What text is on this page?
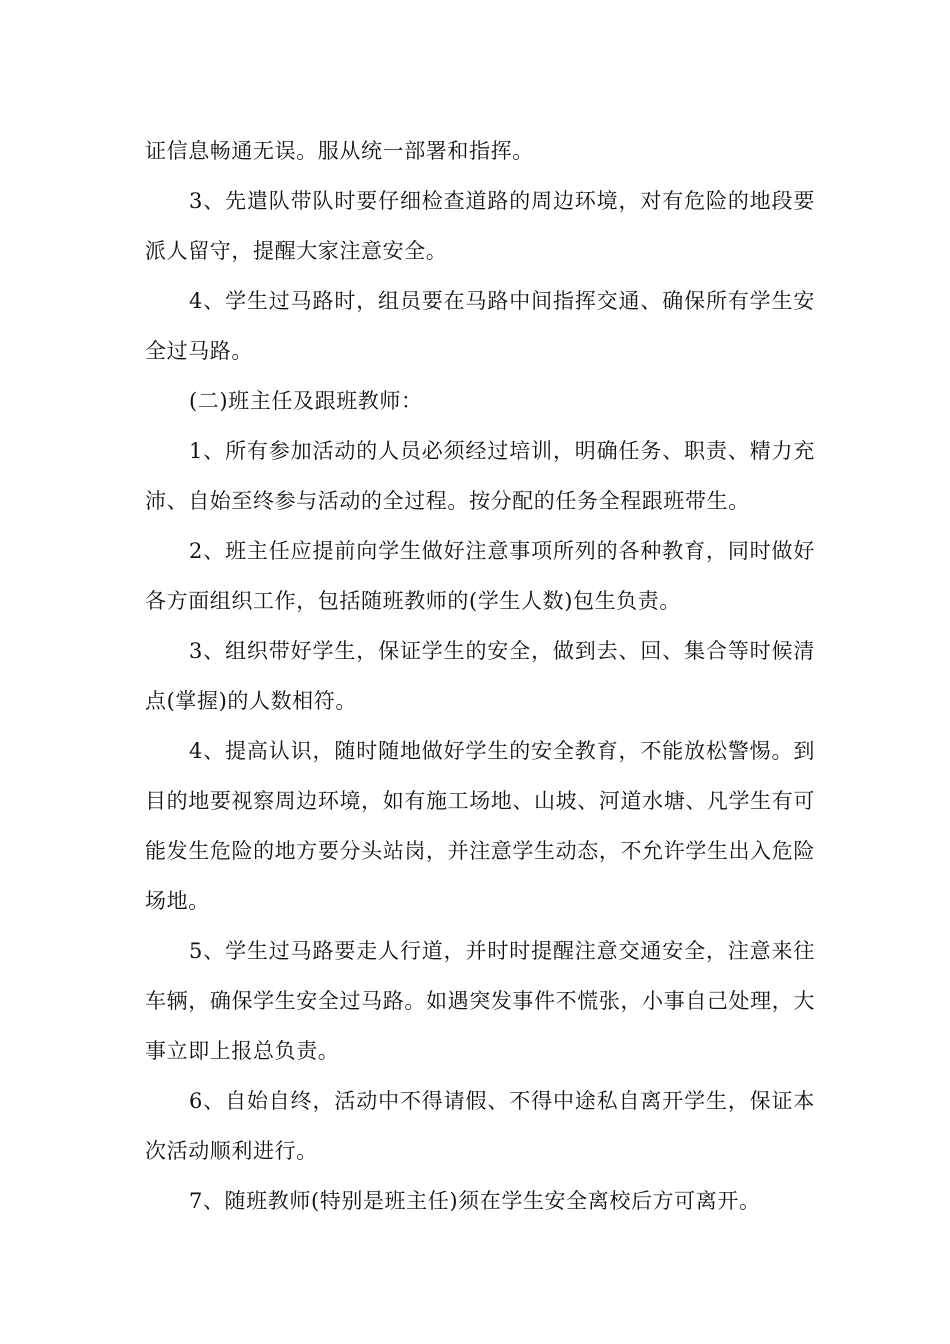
证信息畅通无误。服从统一部署和指挥。

3、先遣队带队时要仔细检查道路的周边环境，对有危险的地段要派人留守，提醒大家注意安全。

4、学生过马路时，组员要在马路中间指挥交通、确保所有学生安全过马路。

(二)班主任及跟班教师：

1、所有参加活动的人员必须经过培训，明确任务、职责、精力充沛、自始至终参与活动的全过程。按分配的任务全程跟班带生。

2、班主任应提前向学生做好注意事项所列的各种教育，同时做好各方面组织工作，包括随班教师的(学生人数)包生负责。

3、组织带好学生，保证学生的安全，做到去、回、集合等时候清点(掌握)的人数相符。

4、提高认识，随时随地做好学生的安全教育，不能放松警惕。到目的地要视察周边环境，如有施工场地、山坡、河道水塘、凡学生有可能发生危险的地方要分头站岗，并注意学生动态，不允许学生出入危险场地。

5、学生过马路要走人行道，并时时提醒注意交通安全，注意来往车辆，确保学生安全过马路。如遇突发事件不慌张，小事自己处理，大事立即上报总负责。

6、自始自终，活动中不得请假、不得中途私自离开学生，保证本次活动顺利进行。

7、随班教师(特别是班主任)须在学生安全离校后方可离开。
